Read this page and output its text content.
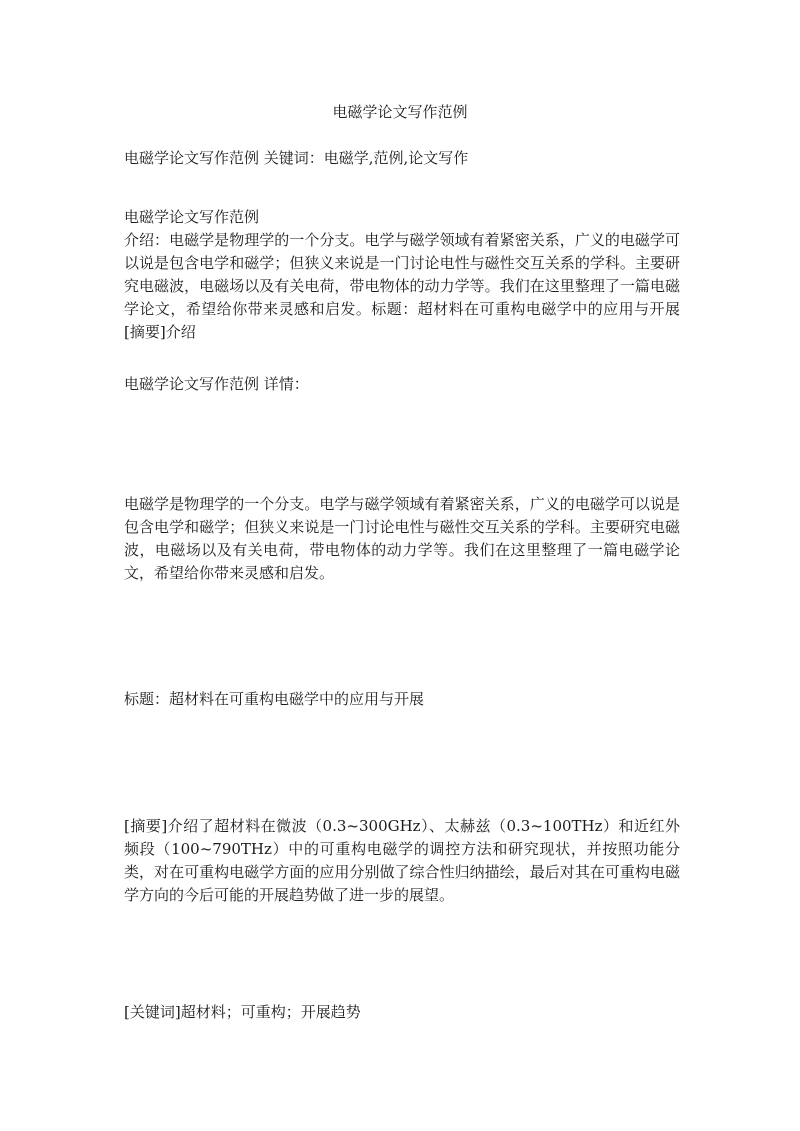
电磁学论文写作范例

电磁学论文写作范例 关键词：电磁学,范例,论文写作

电磁学论文写作范例

介绍：电磁学是物理学的一个分支。电学与磁学领域有着紧密关系，广义的电磁学可以说是包含电学和磁学；但狭义来说是一门讨论电性与磁性交互关系的学科。主要研究电磁波，电磁场以及有关电荷，带电物体的动力学等。我们在这里整理了一篇电磁学论文，希望给你带来灵感和启发。标题：超材料在可重构电磁学中的应用与开展[摘要]介绍

电磁学论文写作范例 详情：

电磁学是物理学的一个分支。电学与磁学领域有着紧密关系，广义的电磁学可以说是包含电学和磁学；但狭义来说是一门讨论电性与磁性交互关系的学科。主要研究电磁波，电磁场以及有关电荷，带电物体的动力学等。我们在这里整理了一篇电磁学论文，希望给你带来灵感和启发。

标题：超材料在可重构电磁学中的应用与开展

[摘要]介绍了超材料在微波（0.3~300GHz）、太赫兹（0.3~100THz）和近红外频段（100~790THz）中的可重构电磁学的调控方法和研究现状，并按照功能分类，对在可重构电磁学方面的应用分别做了综合性归纳描绘，最后对其在可重构电磁学方向的今后可能的开展趋势做了进一步的展望。

[关键词]超材料；可重构；开展趋势
